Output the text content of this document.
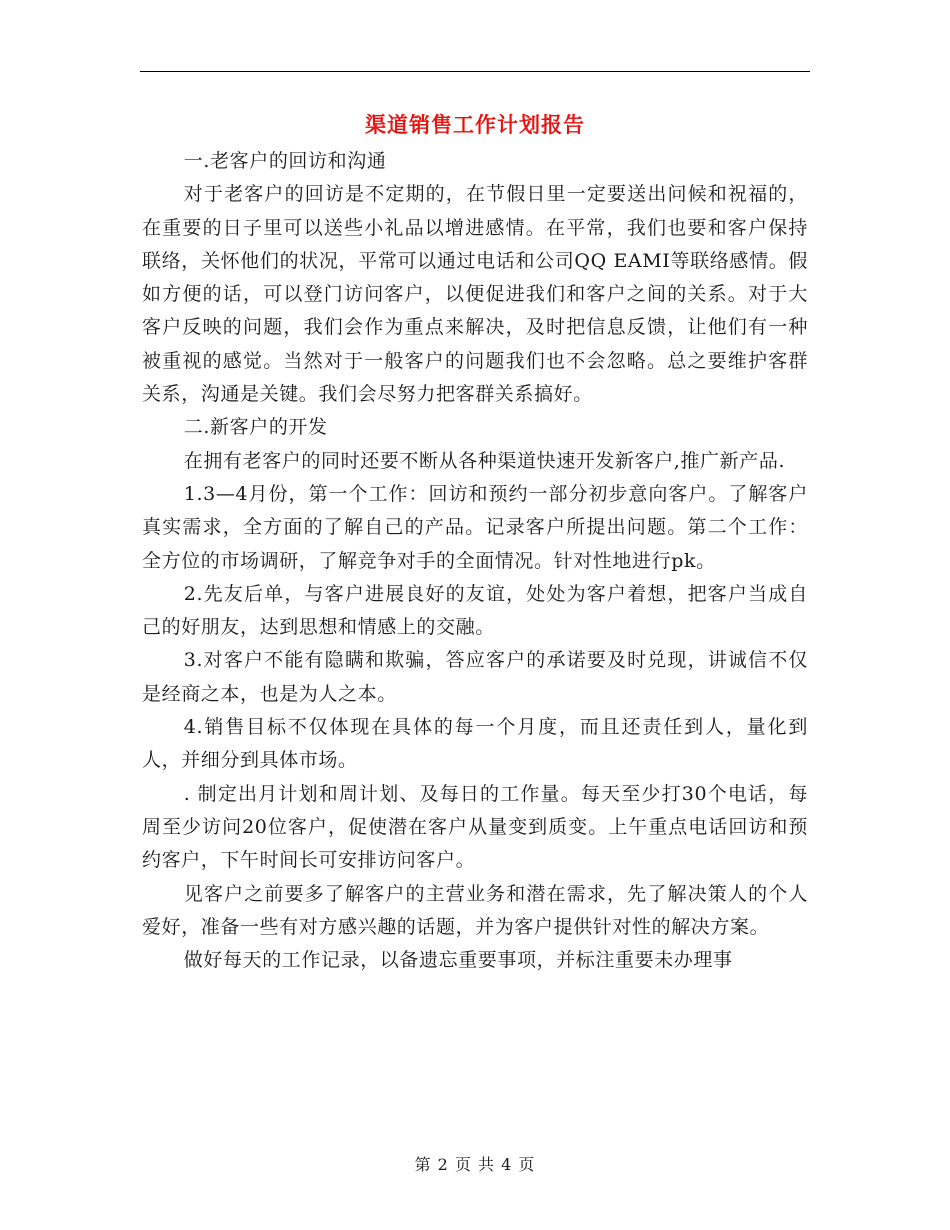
渠道销售工作计划报告

一.老客户的回访和沟通

对于老客户的回访是不定期的，在节假日里一定要送出问候和祝福的，在重要的日子里可以送些小礼品以增进感情。在平常，我们也要和客户保持联络，关怀他们的状况，平常可以通过电话和公司QQ EAMI等联络感情。假如方便的话，可以登门访问客户，以便促进我们和客户之间的关系。对于大客户反映的问题，我们会作为重点来解决，及时把信息反馈，让他们有一种被重视的感觉。当然对于一般客户的问题我们也不会忽略。总之要维护客群关系，沟通是关键。我们会尽努力把客群关系搞好。

二.新客户的开发

在拥有老客户的同时还要不断从各种渠道快速开发新客户,推广新产品.

1.3—4月份，第一个工作：回访和预约一部分初步意向客户。了解客户真实需求，全方面的了解自己的产品。记录客户所提出问题。第二个工作：全方位的市场调研，了解竞争对手的全面情况。针对性地进行pk。

2.先友后单，与客户进展良好的友谊，处处为客户着想，把客户当成自己的好朋友，达到思想和情感上的交融。

3.对客户不能有隐瞒和欺骗，答应客户的承诺要及时兑现，讲诚信不仅是经商之本，也是为人之本。

4.销售目标不仅体现在具体的每一个月度，而且还责任到人，量化到人，并细分到具体市场。

. 制定出月计划和周计划、及每日的工作量。每天至少打30个电话，每周至少访问20位客户，促使潜在客户从量变到质变。上午重点电话回访和预约客户，下午时间长可安排访问客户。

见客户之前要多了解客户的主营业务和潜在需求，先了解决策人的个人爱好，准备一些有对方感兴趣的话题，并为客户提供针对性的解决方案。

做好每天的工作记录，以备遗忘重要事项，并标注重要未办理事

第 2 页 共 4 页
